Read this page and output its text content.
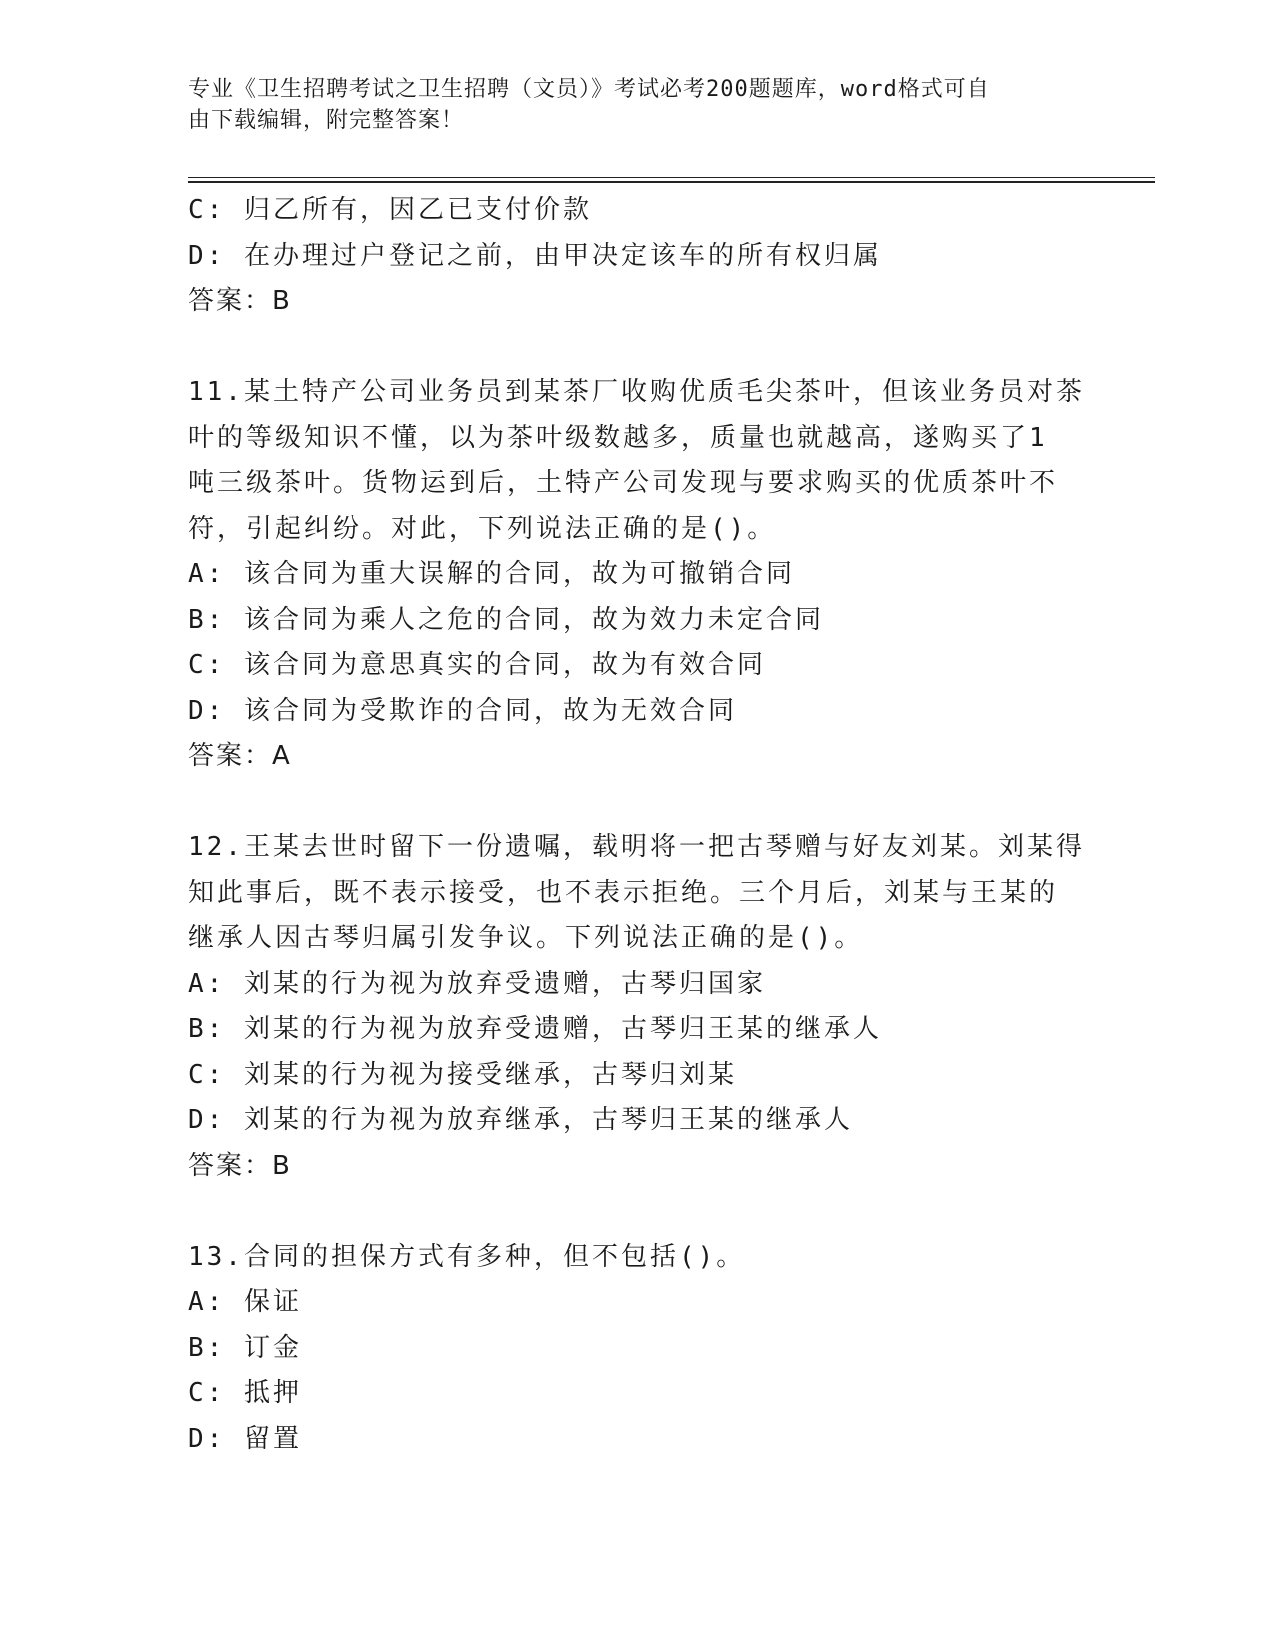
专业《卫生招聘考试之卫生招聘（文员）》考试必考200题题库，word格式可自
由下载编辑，附完整答案！
C: 归乙所有，因乙已支付价款
D: 在办理过户登记之前，由甲决定该车的所有权归属
答案：B
11.某土特产公司业务员到某茶厂收购优质毛尖茶叶，但该业务员对茶
叶的等级知识不懂，以为茶叶级数越多，质量也就越高，遂购买了1
吨三级茶叶。货物运到后，土特产公司发现与要求购买的优质茶叶不
符，引起纠纷。对此，下列说法正确的是()。
A: 该合同为重大误解的合同，故为可撤销合同
B: 该合同为乘人之危的合同，故为效力未定合同
C: 该合同为意思真实的合同，故为有效合同
D: 该合同为受欺诈的合同，故为无效合同
答案：A
12.王某去世时留下一份遗嘱，载明将一把古琴赠与好友刘某。刘某得
知此事后，既不表示接受，也不表示拒绝。三个月后，刘某与王某的
继承人因古琴归属引发争议。下列说法正确的是()。
A: 刘某的行为视为放弃受遗赠，古琴归国家
B: 刘某的行为视为放弃受遗赠，古琴归王某的继承人
C: 刘某的行为视为接受继承，古琴归刘某
D: 刘某的行为视为放弃继承，古琴归王某的继承人
答案：B
13.合同的担保方式有多种，但不包括()。
A: 保证
B: 订金
C: 抵押
D: 留置
